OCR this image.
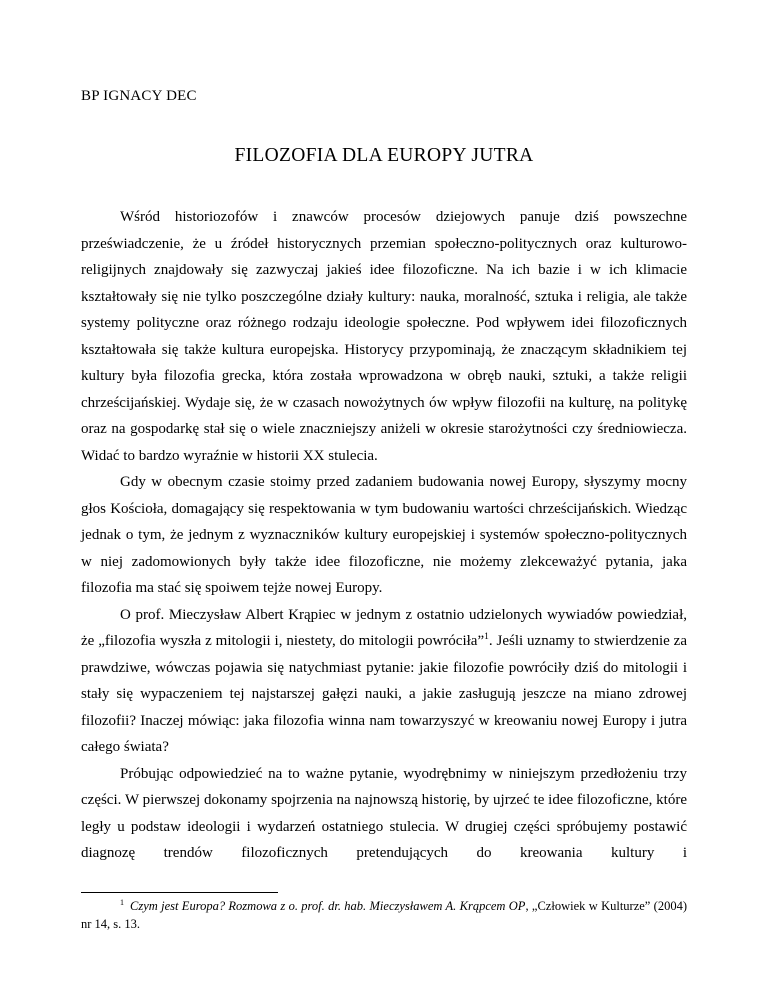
BP IGNACY DEC
FILOZOFIA DLA EUROPY JUTRA

Wśród historiozofów i znawców procesów dziejowych panuje dziś powszechne przeświadczenie, że u źródeł historycznych przemian społeczno-politycznych oraz kulturowo-religijnych znajdowały się zazwyczaj jakieś idee filozoficzne. Na ich bazie i w ich klimacie kształtowały się nie tylko poszczególne działy kultury: nauka, moralność, sztuka i religia, ale także systemy polityczne oraz różnego rodzaju ideologie społeczne. Pod wpływem idei filozoficznych kształtowała się także kultura europejska. Historycy przypominają, że znaczącym składnikiem tej kultury była filozofia grecka, która została wprowadzona w obręb nauki, sztuki, a także religii chrześcijańskiej. Wydaje się, że w czasach nowożytnych ów wpływ filozofii na kulturę, na politykę oraz na gospodarkę stał się o wiele znaczniejszy aniżeli w okresie starożytności czy średniowiecza. Widać to bardzo wyraźnie w historii XX stulecia.

Gdy w obecnym czasie stoimy przed zadaniem budowania nowej Europy, słyszymy mocny głos Kościoła, domagający się respektowania w tym budowaniu wartości chrześcijańskich. Wiedząc jednak o tym, że jednym z wyznaczników kultury europejskiej i systemów społeczno-politycznych w niej zadomowionych były także idee filozoficzne, nie możemy zlekceważyć pytania, jaka filozofia ma stać się spoiwem tejże nowej Europy.

O prof. Mieczysław Albert Krąpiec w jednym z ostatnio udzielonych wywiadów powiedział, że „filozofia wyszła z mitologii i, niestety, do mitologii powróciła”$^1$. Jeśli uznamy to stwierdzenie za prawdziwe, wówczas pojawia się natychmiast pytanie: jakie filozofie powróciły dziś do mitologii i stały się wypaczeniem tej najstarszej gałęzi nauki, a jakie zasługują jeszcze na miano zdrowej filozofii? Inaczej mówiąc: jaka filozofia winna nam towarzyszyć w kreowaniu nowej Europy i jutra całego świata?

Próbując odpowiedzieć na to ważne pytanie, wyodrębnimy w niniejszym przedłożeniu trzy części. W pierwszej dokonamy spojrzenia na najnowszą historię, by ujrzeć te idee filozoficzne, które legły u podstaw ideologii i wydarzeń ostatniego stulecia. W drugiej części spróbujemy postawić diagnozę trendów filozoficznych pretendujących do kreowania kultury i

1 Czym jest Europa? Rozmowa z o. prof. dr. hab. Mieczysławem A. Krąpcem OP, „Człowiek w Kulturze” (2004) nr 14, s. 13.
